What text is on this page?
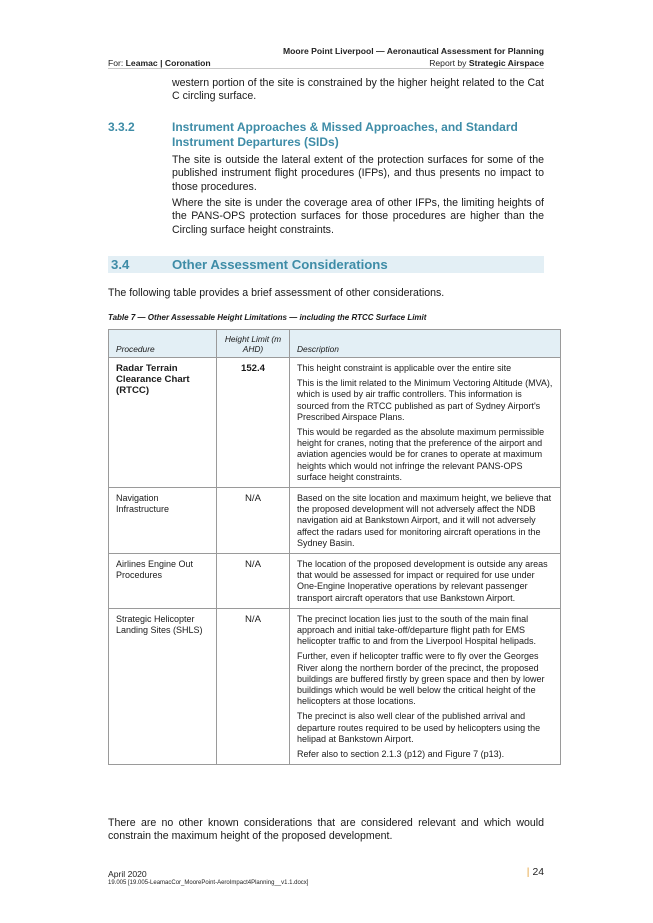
Moore Point Liverpool — Aeronautical Assessment for Planning
For: Leamac | Coronation	Report by Strategic Airspace
western portion of the site is constrained by the higher height related to the Cat C circling surface.
3.3.2	Instrument Approaches & Missed Approaches, and Standard Instrument Departures (SIDs)
The site is outside the lateral extent of the protection surfaces for some of the published instrument flight procedures (IFPs), and thus presents no impact to those procedures.
Where the site is under the coverage area of other IFPs, the limiting heights of the PANS-OPS protection surfaces for those procedures are higher than the Circling surface height constraints.
3.4	Other Assessment Considerations
The following table provides a brief assessment of other considerations.
Table 7 — Other Assessable Height Limitations — including the RTCC Surface Limit
Procedure	Height Limit (m AHD)	Description
Radar Terrain Clearance Chart (RTCC)	152.4	This height constraint is applicable over the entire site

This is the limit related to the Minimum Vectoring Altitude (MVA), which is used by air traffic controllers. This information is sourced from the RTCC published as part of Sydney Airport's Prescribed Airspace Plans.

This would be regarded as the absolute maximum permissible height for cranes, noting that the preference of the airport and aviation agencies would be for cranes to operate at maximum heights which would not infringe the relevant PANS-OPS surface height constraints.

Navigation Infrastructure	N/A	Based on the site location and maximum height, we believe that the proposed development will not adversely affect the NDB navigation aid at Bankstown Airport, and it will not adversely affect the radars used for monitoring aircraft operations in the Sydney Basin.

Airlines Engine Out Procedures	N/A	The location of the proposed development is outside any areas that would be assessed for impact or required for use under One-Engine Inoperative operations by relevant passenger transport aircraft operators that use Bankstown Airport.

Strategic Helicopter Landing Sites (SHLS)	N/A	The precinct location lies just to the south of the main final approach and initial take-off/departure flight path for EMS helicopter traffic to and from the Liverpool Hospital helipads.

Further, even if helicopter traffic were to fly over the Georges River along the northern border of the precinct, the proposed buildings are buffered firstly by green space and then by lower buildings which would be well below the critical height of the helicopters at those locations.

The precinct is also well clear of the published arrival and departure routes required to be used by helicopters using the helipad at Bankstown Airport.

Refer also to section 2.1.3 (p12) and Figure 7 (p13).

There are no other known considerations that are considered relevant and which would constrain the maximum height of the proposed development.
April 2020
19.005 [19.005-LeamacCor_MoorePoint-AeroImpact4Planning__v1.1.docx]
| 24
